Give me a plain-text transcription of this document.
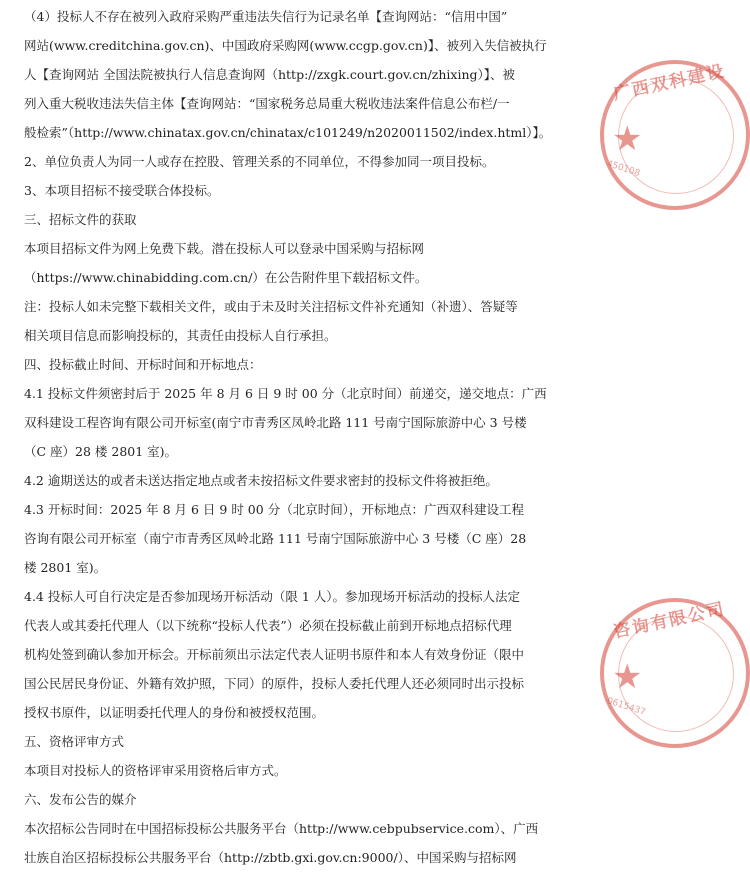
（4）投标人不存在被列入政府采购严重违法失信行为记录名单【查询网站：“信用中国”
网站(www.creditchina.gov.cn)、中国政府采购网(www.ccgp.gov.cn)】、被列入失信被执行
人【查询网站 全国法院被执行人信息查询网（http://zxgk.court.gov.cn/zhixing）】、被
列入重大税收违法失信主体【查询网站：“国家税务总局重大税收违法案件信息公布栏/一
般检索”（http://www.chinatax.gov.cn/chinatax/c101249/n2020011502/index.html）】。
2、单位负责人为同一人或存在控股、管理关系的不同单位，不得参加同一项目投标。
3、本项目招标不接受联合体投标。
三、招标文件的获取
本项目招标文件为网上免费下载。潜在投标人可以登录中国采购与招标网
（https://www.chinabidding.com.cn/）在公告附件里下载招标文件。
注：投标人如未完整下载相关文件，或由于未及时关注招标文件补充通知（补遗）、答疑等
相关项目信息而影响投标的，其责任由投标人自行承担。
四、投标截止时间、开标时间和开标地点：
4.1 投标文件须密封后于 2025 年 8 月 6 日 9 时 00 分（北京时间）前递交，递交地点：广西
双科建设工程咨询有限公司开标室(南宁市青秀区凤岭北路 111 号南宁国际旅游中心 3 号楼
（C 座）28 楼 2801 室)。
4.2 逾期送达的或者未送达指定地点或者未按招标文件要求密封的投标文件将被拒绝。
4.3 开标时间：2025 年 8 月 6 日 9 时 00 分（北京时间），开标地点：广西双科建设工程
咨询有限公司开标室（南宁市青秀区凤岭北路 111 号南宁国际旅游中心 3 号楼（C 座）28
楼 2801 室)。
4.4 投标人可自行决定是否参加现场开标活动（限 1 人）。参加现场开标活动的投标人法定
代表人或其委托代理人（以下统称“投标人代表”）必须在投标截止前到开标地点招标代理
机构处签到确认参加开标会。开标前须出示法定代表人证明书原件和本人有效身份证（限中
国公民居民身份证、外籍有效护照，下同）的原件，投标人委托代理人还必须同时出示投标
授权书原件，以证明委托代理人的身份和被授权范围。
五、资格评审方式
本项目对投标人的资格评审采用资格后审方式。
六、发布公告的媒介
本次招标公告同时在中国招标投标公共服务平台（http://www.cebpubservice.com）、广西
壮族自治区招标投标公共服务平台（http://zbtb.gxi.gov.cn:9000/）、中国采购与招标网
广西双科建设
★
450108
咨询有限公司
★
0615437
